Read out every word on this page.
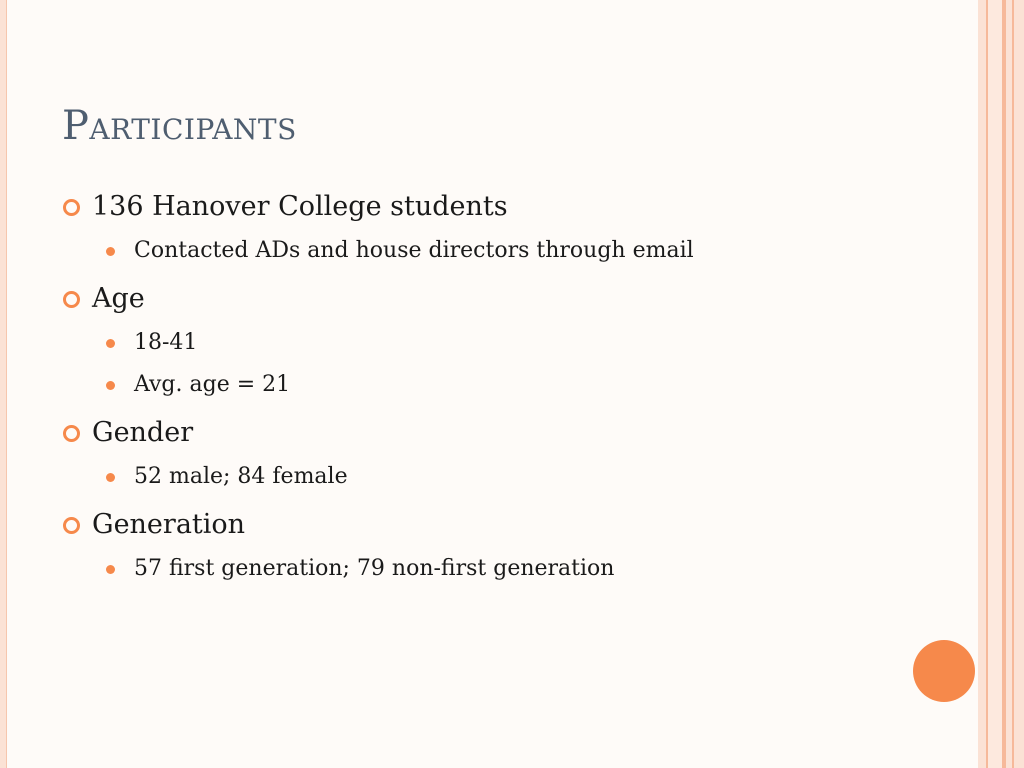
Participants
136 Hanover College students
Contacted ADs and house directors through email
Age
18-41
Avg. age = 21
Gender
52 male; 84 female
Generation
57 first generation; 79 non-first generation
